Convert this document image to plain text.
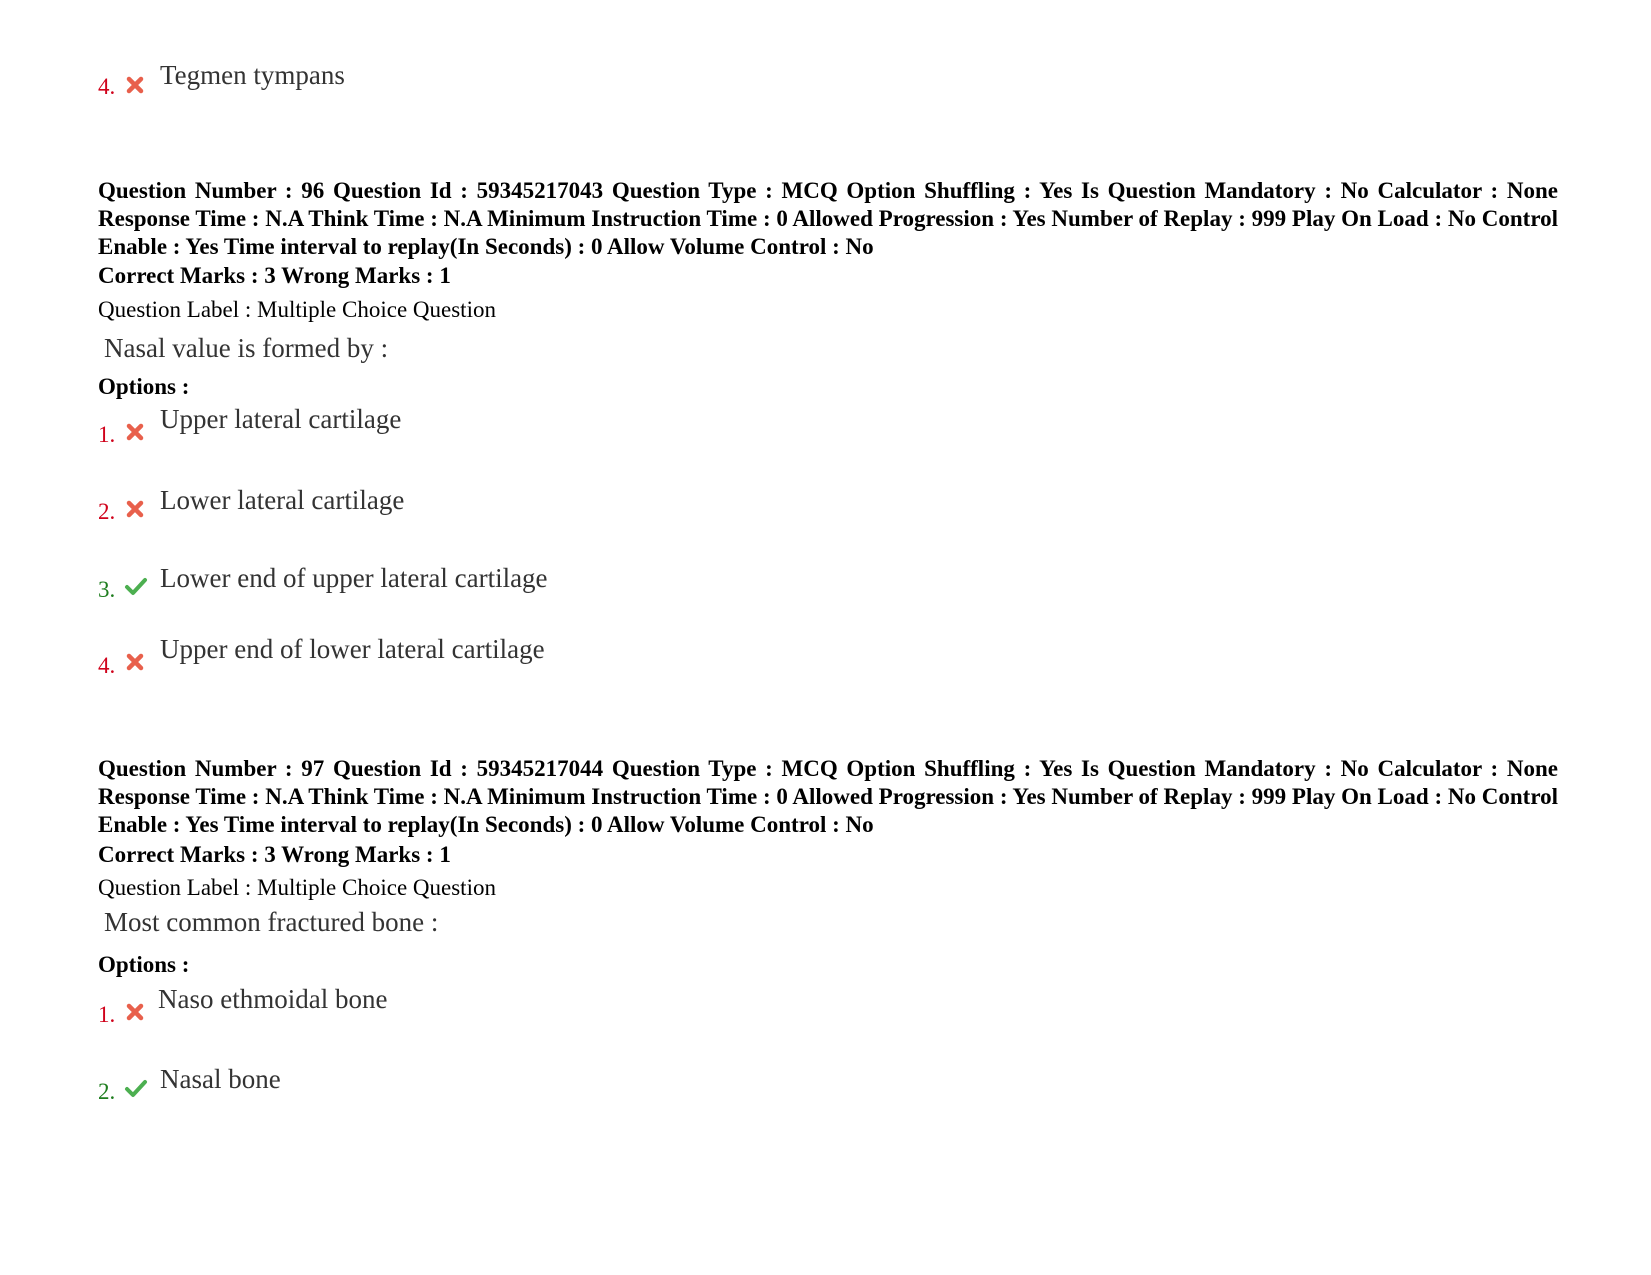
4. Tegmen tympans
Question Number : 96 Question Id : 59345217043 Question Type : MCQ Option Shuffling : Yes Is Question Mandatory : No Calculator : None Response Time : N.A Think Time : N.A Minimum Instruction Time : 0 Allowed Progression : Yes Number of Replay : 999 Play On Load : No Control Enable : Yes Time interval to replay(In Seconds) : 0 Allow Volume Control : No
Correct Marks : 3 Wrong Marks : 1
Question Label : Multiple Choice Question
Nasal value is formed by :
Options :
1.
Upper lateral cartilage
2. Lower lateral cartilage
3. Lower end of upper lateral cartilage
4.
Upper end of lower lateral cartilage
Question Number : 97 Question Id : 59345217044 Question Type : MCQ Option Shuffling : Yes Is Question Mandatory : No Calculator : None Response Time : N.A Think Time : N.A Minimum Instruction Time : 0 Allowed Progression : Yes Number of Replay : 999 Play On Load : No Control Enable : Yes Time interval to replay(In Seconds) : 0 Allow Volume Control : No
Correct Marks : 3 Wrong Marks : 1
Question Label : Multiple Choice Question
Most common fractured bone :
Options :
1.
Naso ethmoidal bone
2. Nasal bone
